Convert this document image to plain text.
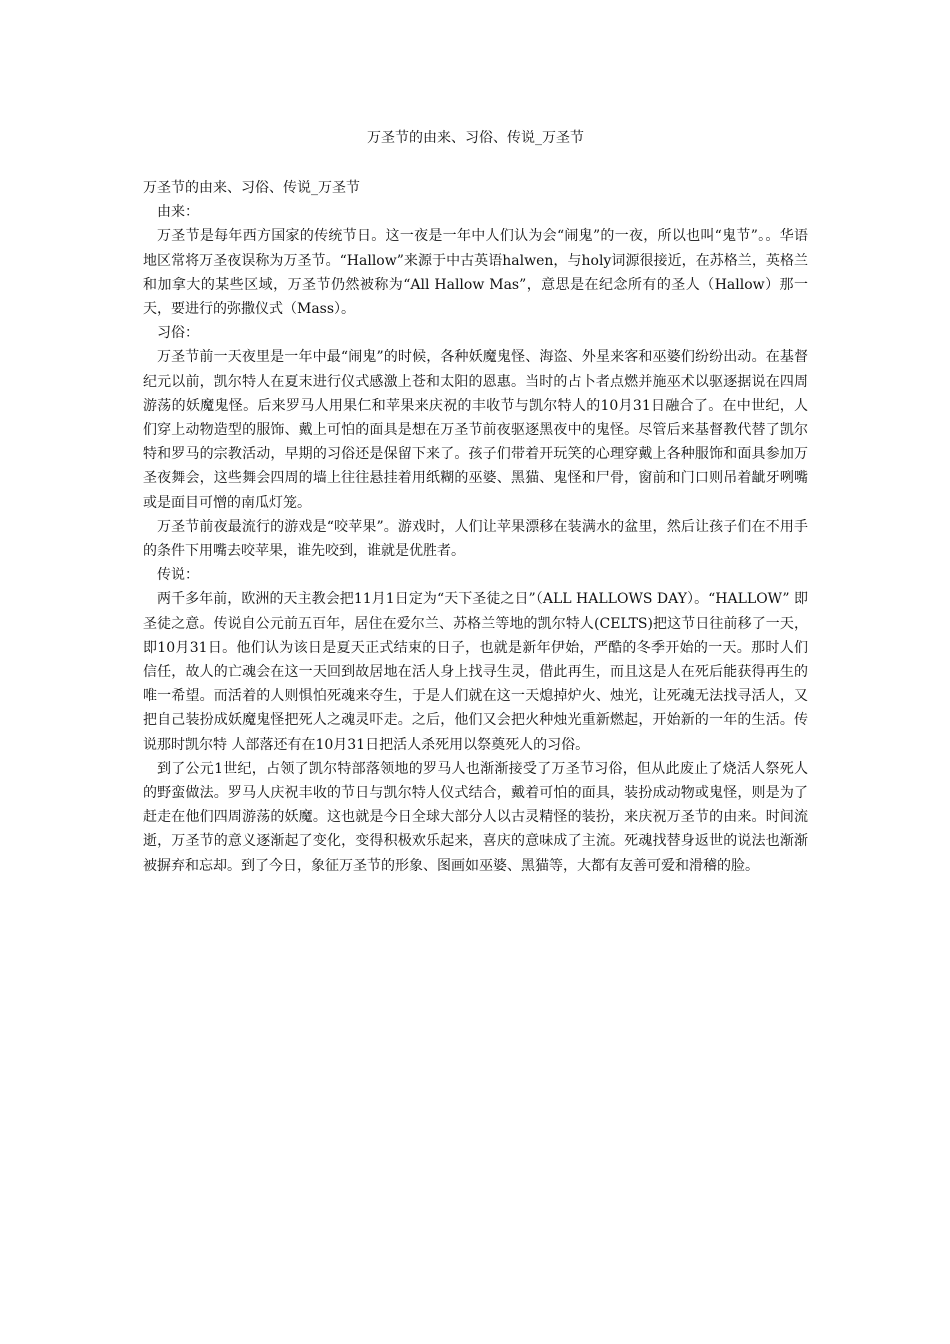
万圣节的由来、习俗、传说_万圣节

万圣节的由来、习俗、传说_万圣节

由来：

万圣节是每年西方国家的传统节日。这一夜是一年中人们认为会“闹鬼”的一夜，所以也叫“鬼节”。。华语地区常将万圣夜误称为万圣节。“Hallow”来源于中古英语halwen，与holy词源很接近，在苏格兰，英格兰和加拿大的某些区域，万圣节仍然被称为“All Hallow Mas”，意思是在纪念所有的圣人（Hallow）那一天，要进行的弥撒仪式（Mass）。

习俗：

万圣节前一天夜里是一年中最“闹鬼”的时候，各种妖魔鬼怪、海盗、外星来客和巫婆们纷纷出动。在基督纪元以前，凯尔特人在夏末进行仪式感激上苍和太阳的恩惠。当时的占卜者点燃并施巫术以驱逐据说在四周游荡的妖魔鬼怪。后来罗马人用果仁和苹果来庆祝的丰收节与凯尔特人的10月31日融合了。在中世纪，人们穿上动物造型的服饰、戴上可怕的面具是想在万圣节前夜驱逐黑夜中的鬼怪。尽管后来基督教代替了凯尔特和罗马的宗教活动，早期的习俗还是保留下来了。孩子们带着开玩笑的心理穿戴上各种服饰和面具参加万圣夜舞会，这些舞会四周的墙上往往悬挂着用纸糊的巫婆、黑猫、鬼怪和尸骨，窗前和门口则吊着龇牙咧嘴或是面目可憎的南瓜灯笼。

万圣节前夜最流行的游戏是“咬苹果”。游戏时，人们让苹果漂移在装满水的盆里，然后让孩子们在不用手的条件下用嘴去咬苹果，谁先咬到，谁就是优胜者。

传说：

两千多年前，欧洲的天主教会把11月1日定为“天下圣徒之日”（ALL HALLOWS DAY）。“HALLOW” 即圣徒之意。传说自公元前五百年，居住在爱尔兰、苏格兰等地的凯尔特人(CELTS)把这节日往前移了一天，即10月31日。他们认为该日是夏天正式结束的日子，也就是新年伊始，严酷的冬季开始的一天。那时人们信任，故人的亡魂会在这一天回到故居地在活人身上找寻生灵，借此再生，而且这是人在死后能获得再生的唯一希望。而活着的人则惧怕死魂来夺生，于是人们就在这一天熄掉炉火、烛光，让死魂无法找寻活人，又把自己装扮成妖魔鬼怪把死人之魂灵吓走。之后，他们又会把火种烛光重新燃起，开始新的一年的生活。传说那时凯尔特 人部落还有在10月31日把活人杀死用以祭奠死人的习俗。

到了公元1世纪，占领了凯尔特部落领地的罗马人也渐渐接受了万圣节习俗，但从此废止了烧活人祭死人的野蛮做法。罗马人庆祝丰收的节日与凯尔特人仪式结合，戴着可怕的面具，装扮成动物或鬼怪，则是为了赶走在他们四周游荡的妖魔。这也就是今日全球大部分人以古灵精怪的装扮，来庆祝万圣节的由来。时间流逝，万圣节的意义逐渐起了变化，变得积极欢乐起来，喜庆的意味成了主流。死魂找替身返世的说法也渐渐被摒弃和忘却。到了今日，象征万圣节的形象、图画如巫婆、黑猫等，大都有友善可爱和滑稽的脸。
